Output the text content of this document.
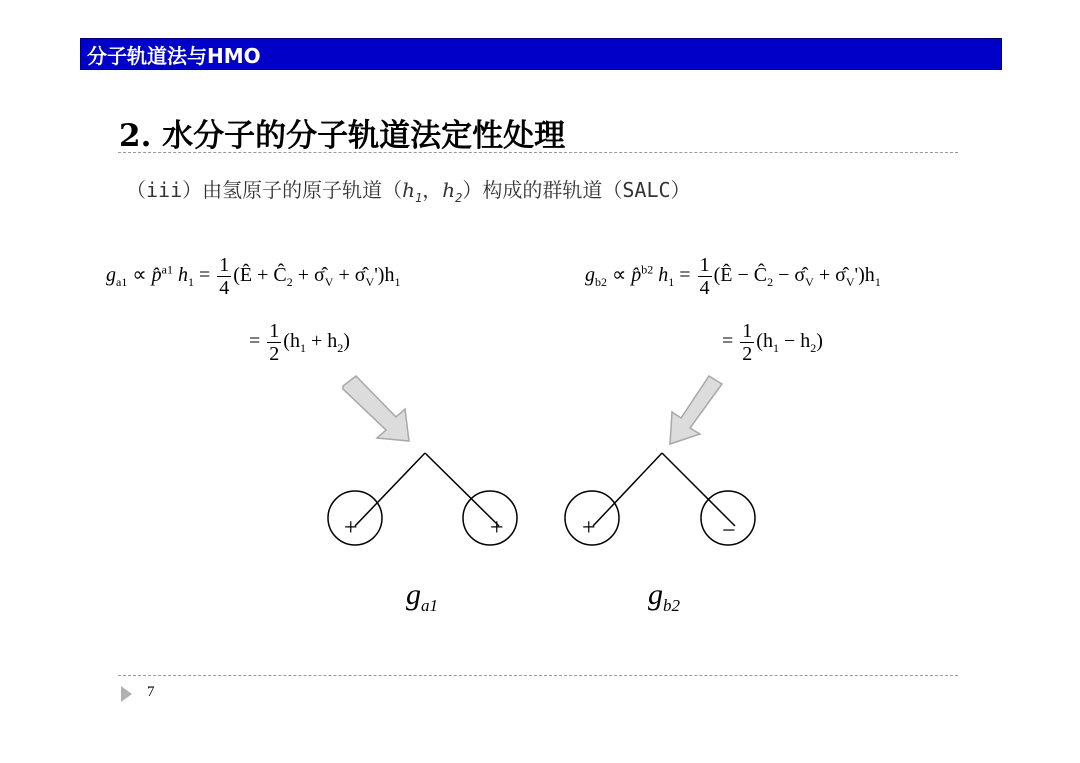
分子轨道法与HMO
2. 水分子的分子轨道法定性处理
（iii）由氢原子的原子轨道（$h_1$，$h_2$）构成的群轨道（SALC）
$g_{a1}$ ∝ p̂$^{a1}$ $h_1 = \frac{1}{4}$ (Ê + $Ĉ_2$ + $\sigmâ_V$ + $\sigmâ_V')h_1$
= $\frac{1}{2} (h_1 + h_2)$
$g_{b2}$ ∝ p̂$^{b2}$ $h_1 = \frac{1}{4}$ (Ê − $Ĉ_2$ − $\sigmâ_V$ + $\sigmâ_V')h_1$
= $\frac{1}{2} (h_1 - h_2)$
+	+	+	−
$g_{a1}$	$g_{b2}$
7
